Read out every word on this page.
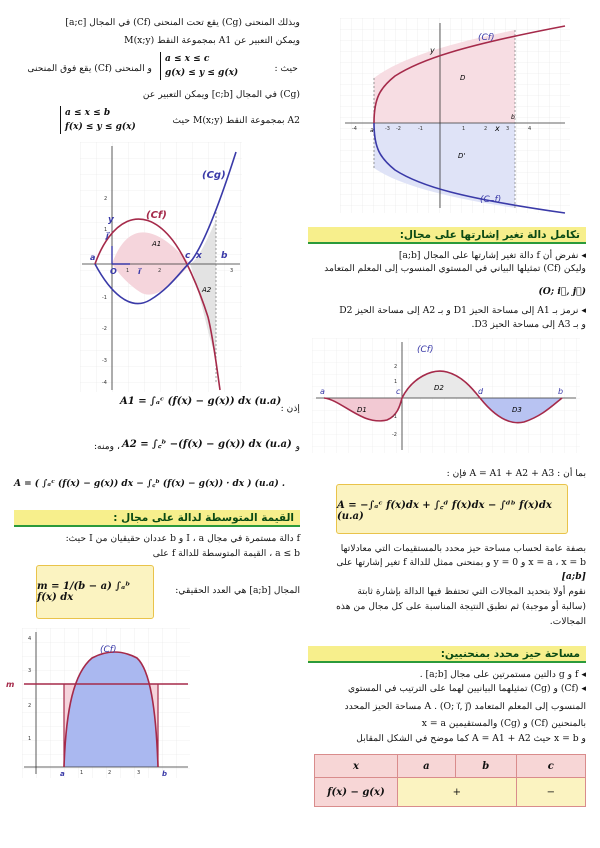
(Cf)
(C₋f)
D
D'
x
y
a
b
-4	-3 -2	-1	1	2	3	4
تكامل دالة تغير إشارتها على مجال:
◂ نفرض أن f دالة تغير إشارتها على المجال [a;b]
وليكن (Cf) تمثيلها البياني في المستوي المنسوب إلى المعلم المتعامد
(O; i⃗, j⃗)
◂ نرمز بـ A1 إلى مساحة الحيز D1 و بـ A2 إلى مساحة الحيز D2
و بـ A3 إلى مساحة الحيز D3.
(Cf)
D1
D2
D3
a	c	d	b
2
1
-1
-2
بما أن : A = A1 + A2 + A3 فإن :
A = −∫ₐᶜ f(x)dx + ∫꜀ᵈ f(x)dx − ∫ᵈᵇ f(x)dx (u.a)
بصفة عامة لحساب مساحة حيز محدد بالمستقيمات التي معادلاتها
x = a ، x = b و y = 0 و بمنحنى ممثل للدالة f تغير إشارتها على
[a;b]
نقوم أولا بتحديد المجالات التي تحتفظ فيها الدالة بإشارة ثابتة
(سالبة أو موجبة) ثم نطبق النتيجة المناسبة على كل مجال من هذه
المجالات.
مساحة حيز محدد بمنحنيين:
◂ f و g دالتين مستمرتين على مجال [a;b] .
◂ (Cf) و (Cg) تمثيلهما البيانيين لهما على الترتيب في المستوي
المنسوب إلى المعلم المتعامد (O; i⃗, j⃗) . A مساحة الحيز المحدد
بالمنحنين (Cf) و (Cg) والمستقيمين x = a
و x = b حيث A = A1 + A2 كما موضح في الشكل المقابل
x	a	b	c
f(x) − g(x)	+		−
وبذلك المنحنى (Cg) يقع تحت المنحنى (Cf) في المجال [a;c]
ويمكن التعبير عن A1 بمجموعة النقط M(x;y)
حيث :
a ≤ x ≤ c
g(x) ≤ y ≤ g(x)
و المنحنى (Cf) يقع فوق المنحنى
(Cg) في المجال [c;b] ويمكن التعبير عن
a ≤ x ≤ b
f(x) ≤ y ≤ g(x)
A2 بمجموعة النقط M(x;y) حيث
(Cg)
(Cf)
A1
A2
a	b
c x
y
O	i⃗
j⃗
2
1
-1
-2
-3
-4
1	2	3
إذن :
A1 = ∫ₐᶜ (f(x) − g(x)) dx (u.a)
، ومنه: A2 = ∫꜀ᵇ −(f(x) − g(x)) dx (u.a) و
A = ( ∫ₐᶜ (f(x) − g(x)) dx − ∫꜀ᵇ (f(x) − g(x)) · dx ) (u.a) .
القيمة المتوسطة لدالة على مجال :
f دالة مستمرة في مجال I ، a و b عددان حقيقيان من I حيث:
a ≤ b ، القيمة المتوسطة للدالة f على
m = 1/(b − a) ∫ₐᵇ f(x) dx
المجال [a;b] هي العدد الحقيقي:
(Cf)
m
a	b
4
3
2
1
1	2	3
